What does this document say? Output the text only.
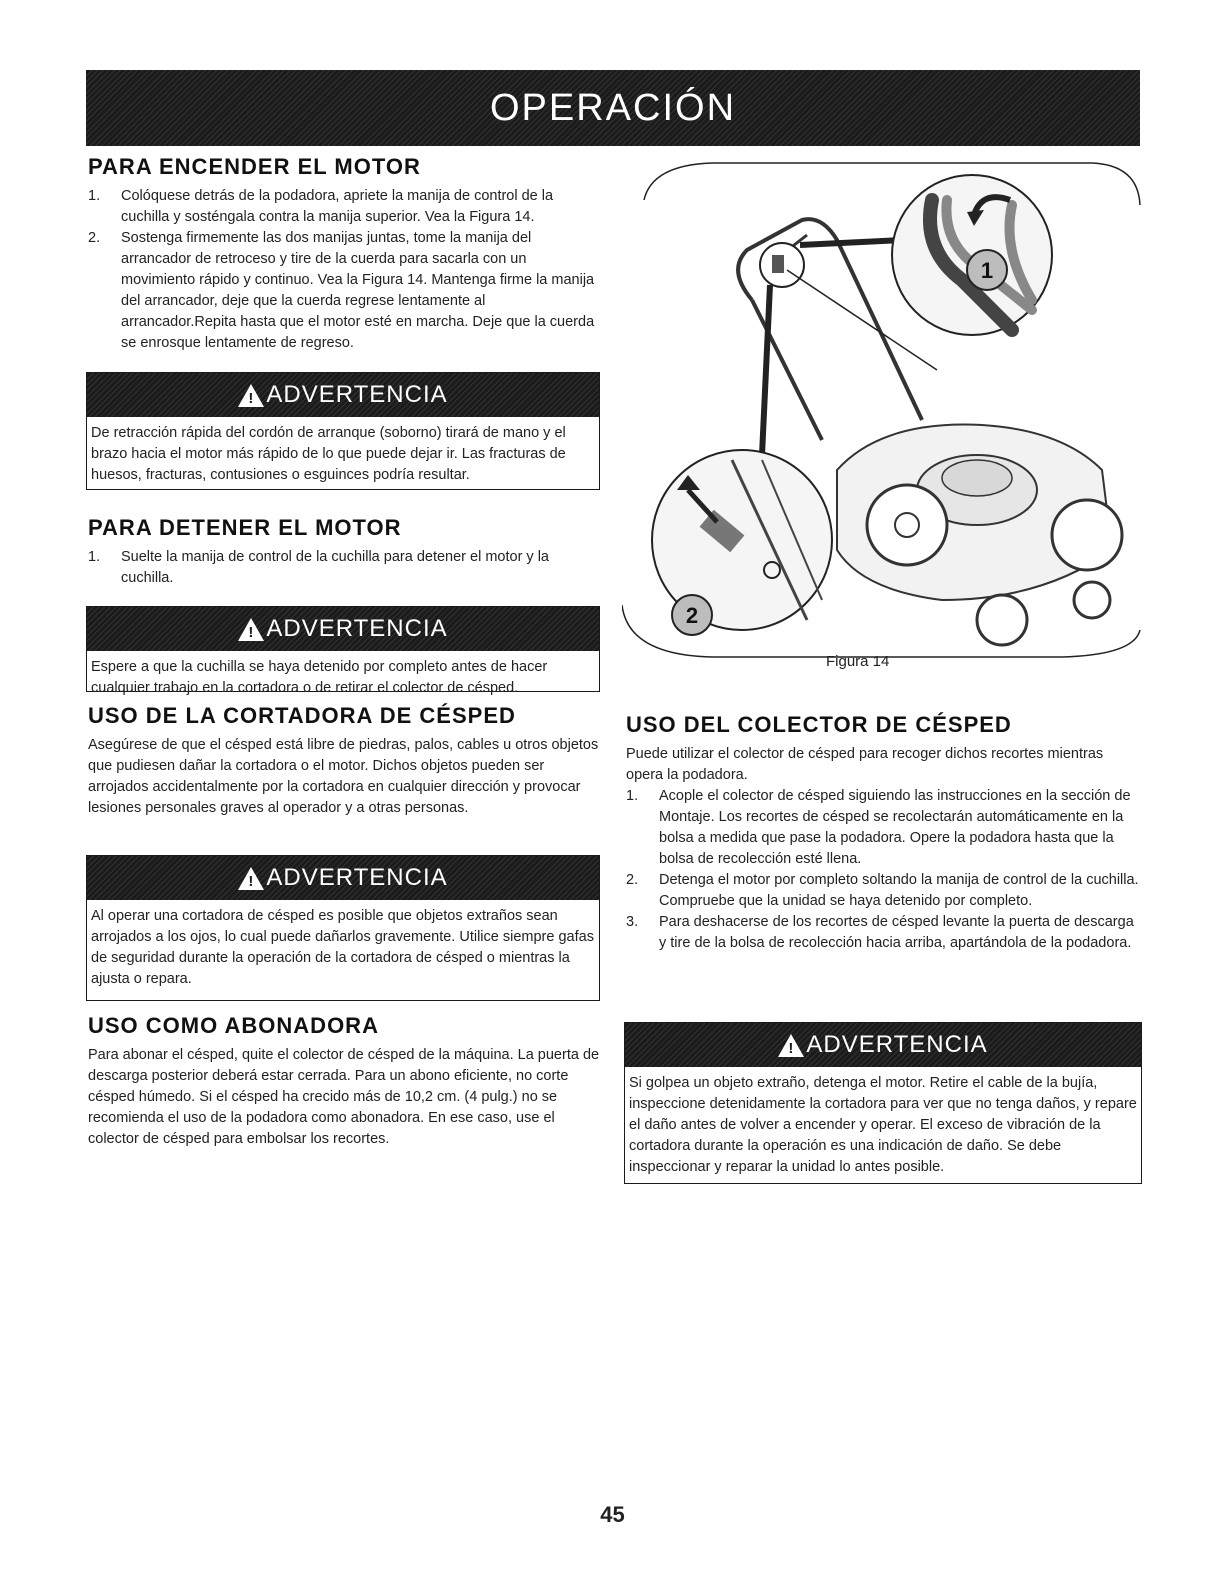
OPERACIÓN
PARA ENCENDER EL MOTOR
1. Colóquese detrás de la podadora, apriete la manija de control de la cuchilla y sosténgala contra la manija superior. Vea la Figura 14.
2. Sostenga firmemente las dos manijas juntas, tome la manija del arrancador de retroceso y tire de la cuerda para sacarla con un movimiento rápido y continuo. Vea la Figura 14. Mantenga firme la manija del arrancador, deje que la cuerda regrese lentamente al arrancador.Repita hasta que el motor esté en marcha. Deje que la cuerda se enrosque lentamente de regreso.
! ADVERTENCIA
De retracción rápida del cordón de arranque (soborno) tirará de mano y el brazo hacia el motor más rápido de lo que puede dejar ir. Las fracturas de huesos, fracturas, contusiones o esguinces podría resultar.
PARA DETENER EL MOTOR
1. Suelte la manija de control de la cuchilla para detener el motor y la cuchilla.
! ADVERTENCIA
Espere a que la cuchilla se haya detenido por completo antes de hacer cualquier trabajo en la cortadora o de retirar el colector de césped.
USO DE LA CORTADORA DE CÉSPED

Asegúrese de que el césped está libre de piedras, palos, cables u otros objetos que pudiesen dañar la cortadora o el motor. Dichos objetos pueden ser arrojados accidentalmente por la cortadora en cualquier dirección y provocar lesiones personales graves al operador y a otras personas.

! ADVERTENCIA
Al operar una cortadora de césped es posible que objetos extraños sean arrojados a los ojos, lo cual puede dañarlos gravemente. Utilice siempre gafas de seguridad durante la operación de la cortadora de césped o mientras la ajusta o repara.
USO COMO ABONADORA

Para abonar el césped, quite el colector de césped de la máquina. La puerta de descarga posterior deberá estar cerrada. Para un abono eficiente, no corte césped húmedo. Si el césped ha crecido más de 10,2 cm. (4 pulg.) no se recomienda el uso de la podadora como abonadora. En ese caso, use el colector de césped para embolsar los recortes.

1
2
Figura 14
USO DEL COLECTOR DE CÉSPED

Puede utilizar el colector de césped para recoger dichos recortes mientras opera la podadora.

1. Acople el colector de césped siguiendo las instrucciones en la sección de Montaje. Los recortes de césped se recolectarán automáticamente en la bolsa a medida que pase la podadora. Opere la podadora hasta que la bolsa de recolección esté llena.
2. Detenga el motor por completo soltando la manija de control de la cuchilla. Compruebe que la unidad se haya detenido por completo.
3. Para deshacerse de los recortes de césped levante la puerta de descarga y tire de la bolsa de recolección hacia arriba, apartándola de la podadora.
! ADVERTENCIA
Si golpea un objeto extraño, detenga el motor. Retire el cable de la bujía, inspeccione detenidamente la cortadora para ver que no tenga daños, y repare el daño antes de volver a encender y operar. El exceso de vibración de la cortadora durante la operación es una indicación de daño. Se debe inspeccionar y reparar la unidad lo antes posible.
45
